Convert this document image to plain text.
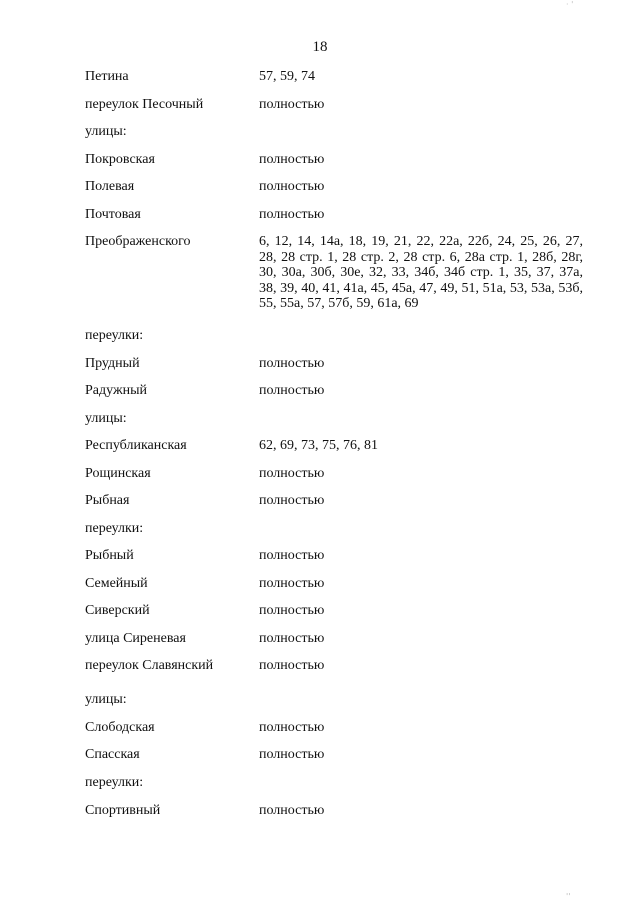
18
Петина	57, 59, 74
переулок Песочный	полностью
улицы:
Покровская	полностью
Полевая	полностью
Почтовая	полностью
Преображенского	6, 12, 14, 14а, 18, 19, 21, 22, 22а, 22б, 24, 25, 26, 27, 28, 28 стр. 1, 28 стр. 2, 28 стр. 6, 28а стр. 1, 28б, 28г, 30, 30а, 30б, 30е, 32, 33, 34б, 34б стр. 1, 35, 37, 37а, 38, 39, 40, 41, 41а, 45, 45а, 47, 49, 51, 51а, 53, 53а, 53б, 55, 55а, 57, 57б, 59, 61а, 69
переулки:
Прудный	полностью
Радужный	полностью
улицы:
Республиканская	62, 69, 73, 75, 76, 81
Рощинская	полностью
Рыбная	полностью
переулки:
Рыбный	полностью
Семейный	полностью
Сиверский	полностью
улица Сиреневая	полностью
переулок Славянский	полностью
улицы:
Слободская	полностью
Спасская	полностью
переулки:
Спортивный	полностью
· '
''
